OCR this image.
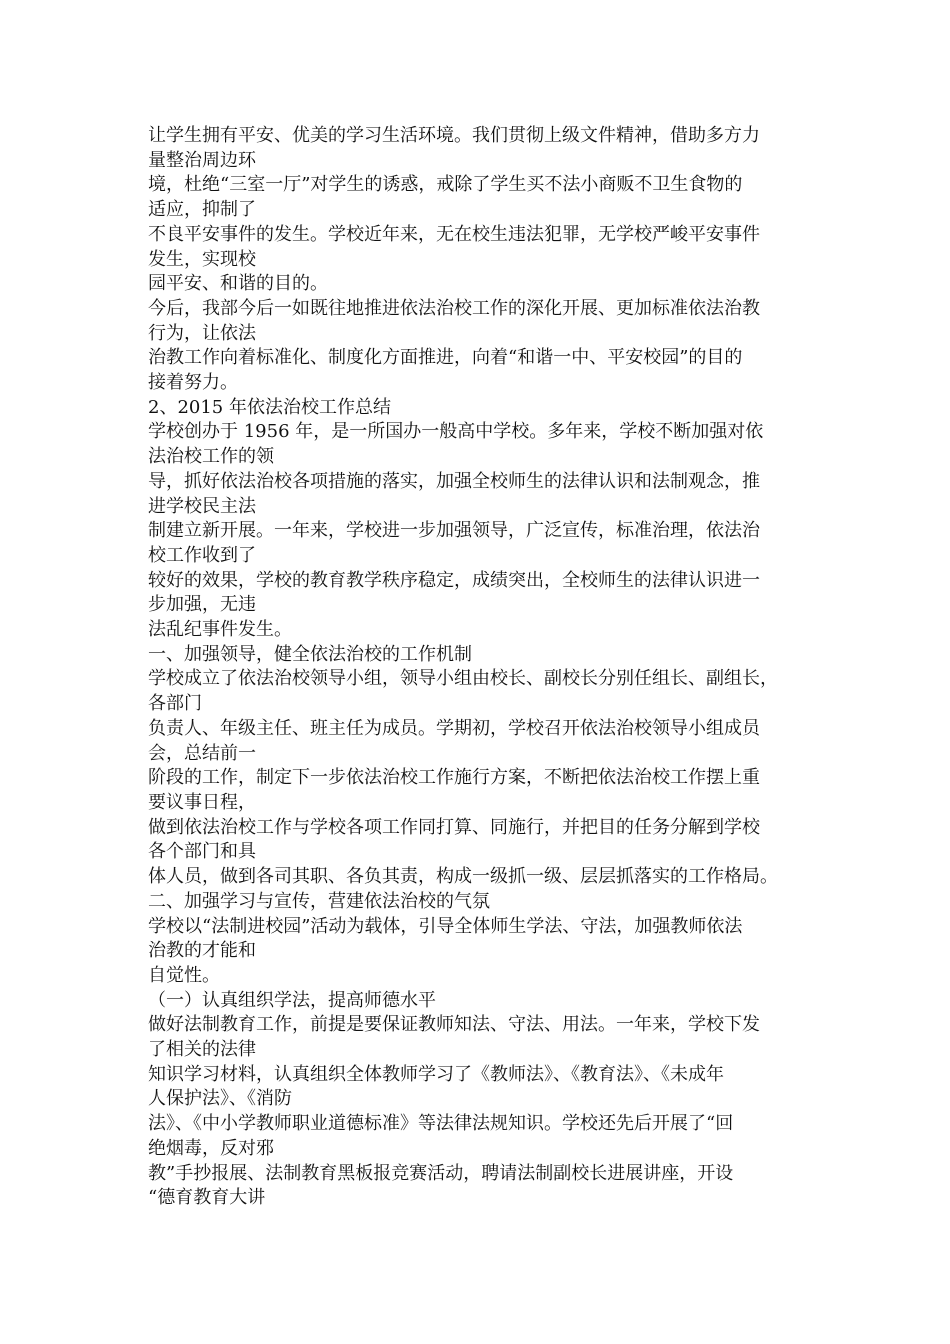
让学生拥有平安、优美的学习生活环境。我们贯彻上级文件精神，借助多方力

量整治周边环

境，杜绝“三室一厅”对学生的诱惑，戒除了学生买不法小商贩不卫生食物的

适应，抑制了

不良平安事件的发生。学校近年来，无在校生违法犯罪，无学校严峻平安事件

发生，实现校

园平安、和谐的目的。

今后，我部今后一如既往地推进依法治校工作的深化开展、更加标准依法治教

行为，让依法

治教工作向着标准化、制度化方面推进，向着“和谐一中、平安校园”的目的

接着努力。

2、2015 年依法治校工作总结

学校创办于 1956 年，是一所国办一般高中学校。多年来，学校不断加强对依

法治校工作的领

导，抓好依法治校各项措施的落实，加强全校师生的法律认识和法制观念，推

进学校民主法

制建立新开展。一年来，学校进一步加强领导，广泛宣传，标准治理，依法治

校工作收到了

较好的效果，学校的教育教学秩序稳定，成绩突出，全校师生的法律认识进一

步加强，无违

法乱纪事件发生。

一、加强领导，健全依法治校的工作机制

学校成立了依法治校领导小组，领导小组由校长、副校长分别任组长、副组长，

各部门

负责人、年级主任、班主任为成员。学期初，学校召开依法治校领导小组成员

会，总结前一

阶段的工作，制定下一步依法治校工作施行方案，不断把依法治校工作摆上重

要议事日程，

做到依法治校工作与学校各项工作同打算、同施行，并把目的任务分解到学校

各个部门和具

体人员，做到各司其职、各负其责，构成一级抓一级、层层抓落实的工作格局。

二、加强学习与宣传，营建依法治校的气氛

学校以“法制进校园”活动为载体，引导全体师生学法、守法，加强教师依法

治教的才能和

自觉性。

（一）认真组织学法，提高师德水平

做好法制教育工作，前提是要保证教师知法、守法、用法。一年来，学校下发

了相关的法律

知识学习材料，认真组织全体教师学习了《教师法》、《教育法》、《未成年

人保护法》、《消防

法》、《中小学教师职业道德标准》等法律法规知识。学校还先后开展了“回

绝烟毒，反对邪

教”手抄报展、法制教育黑板报竞赛活动，聘请法制副校长进展讲座，开设

“德育教育大讲
